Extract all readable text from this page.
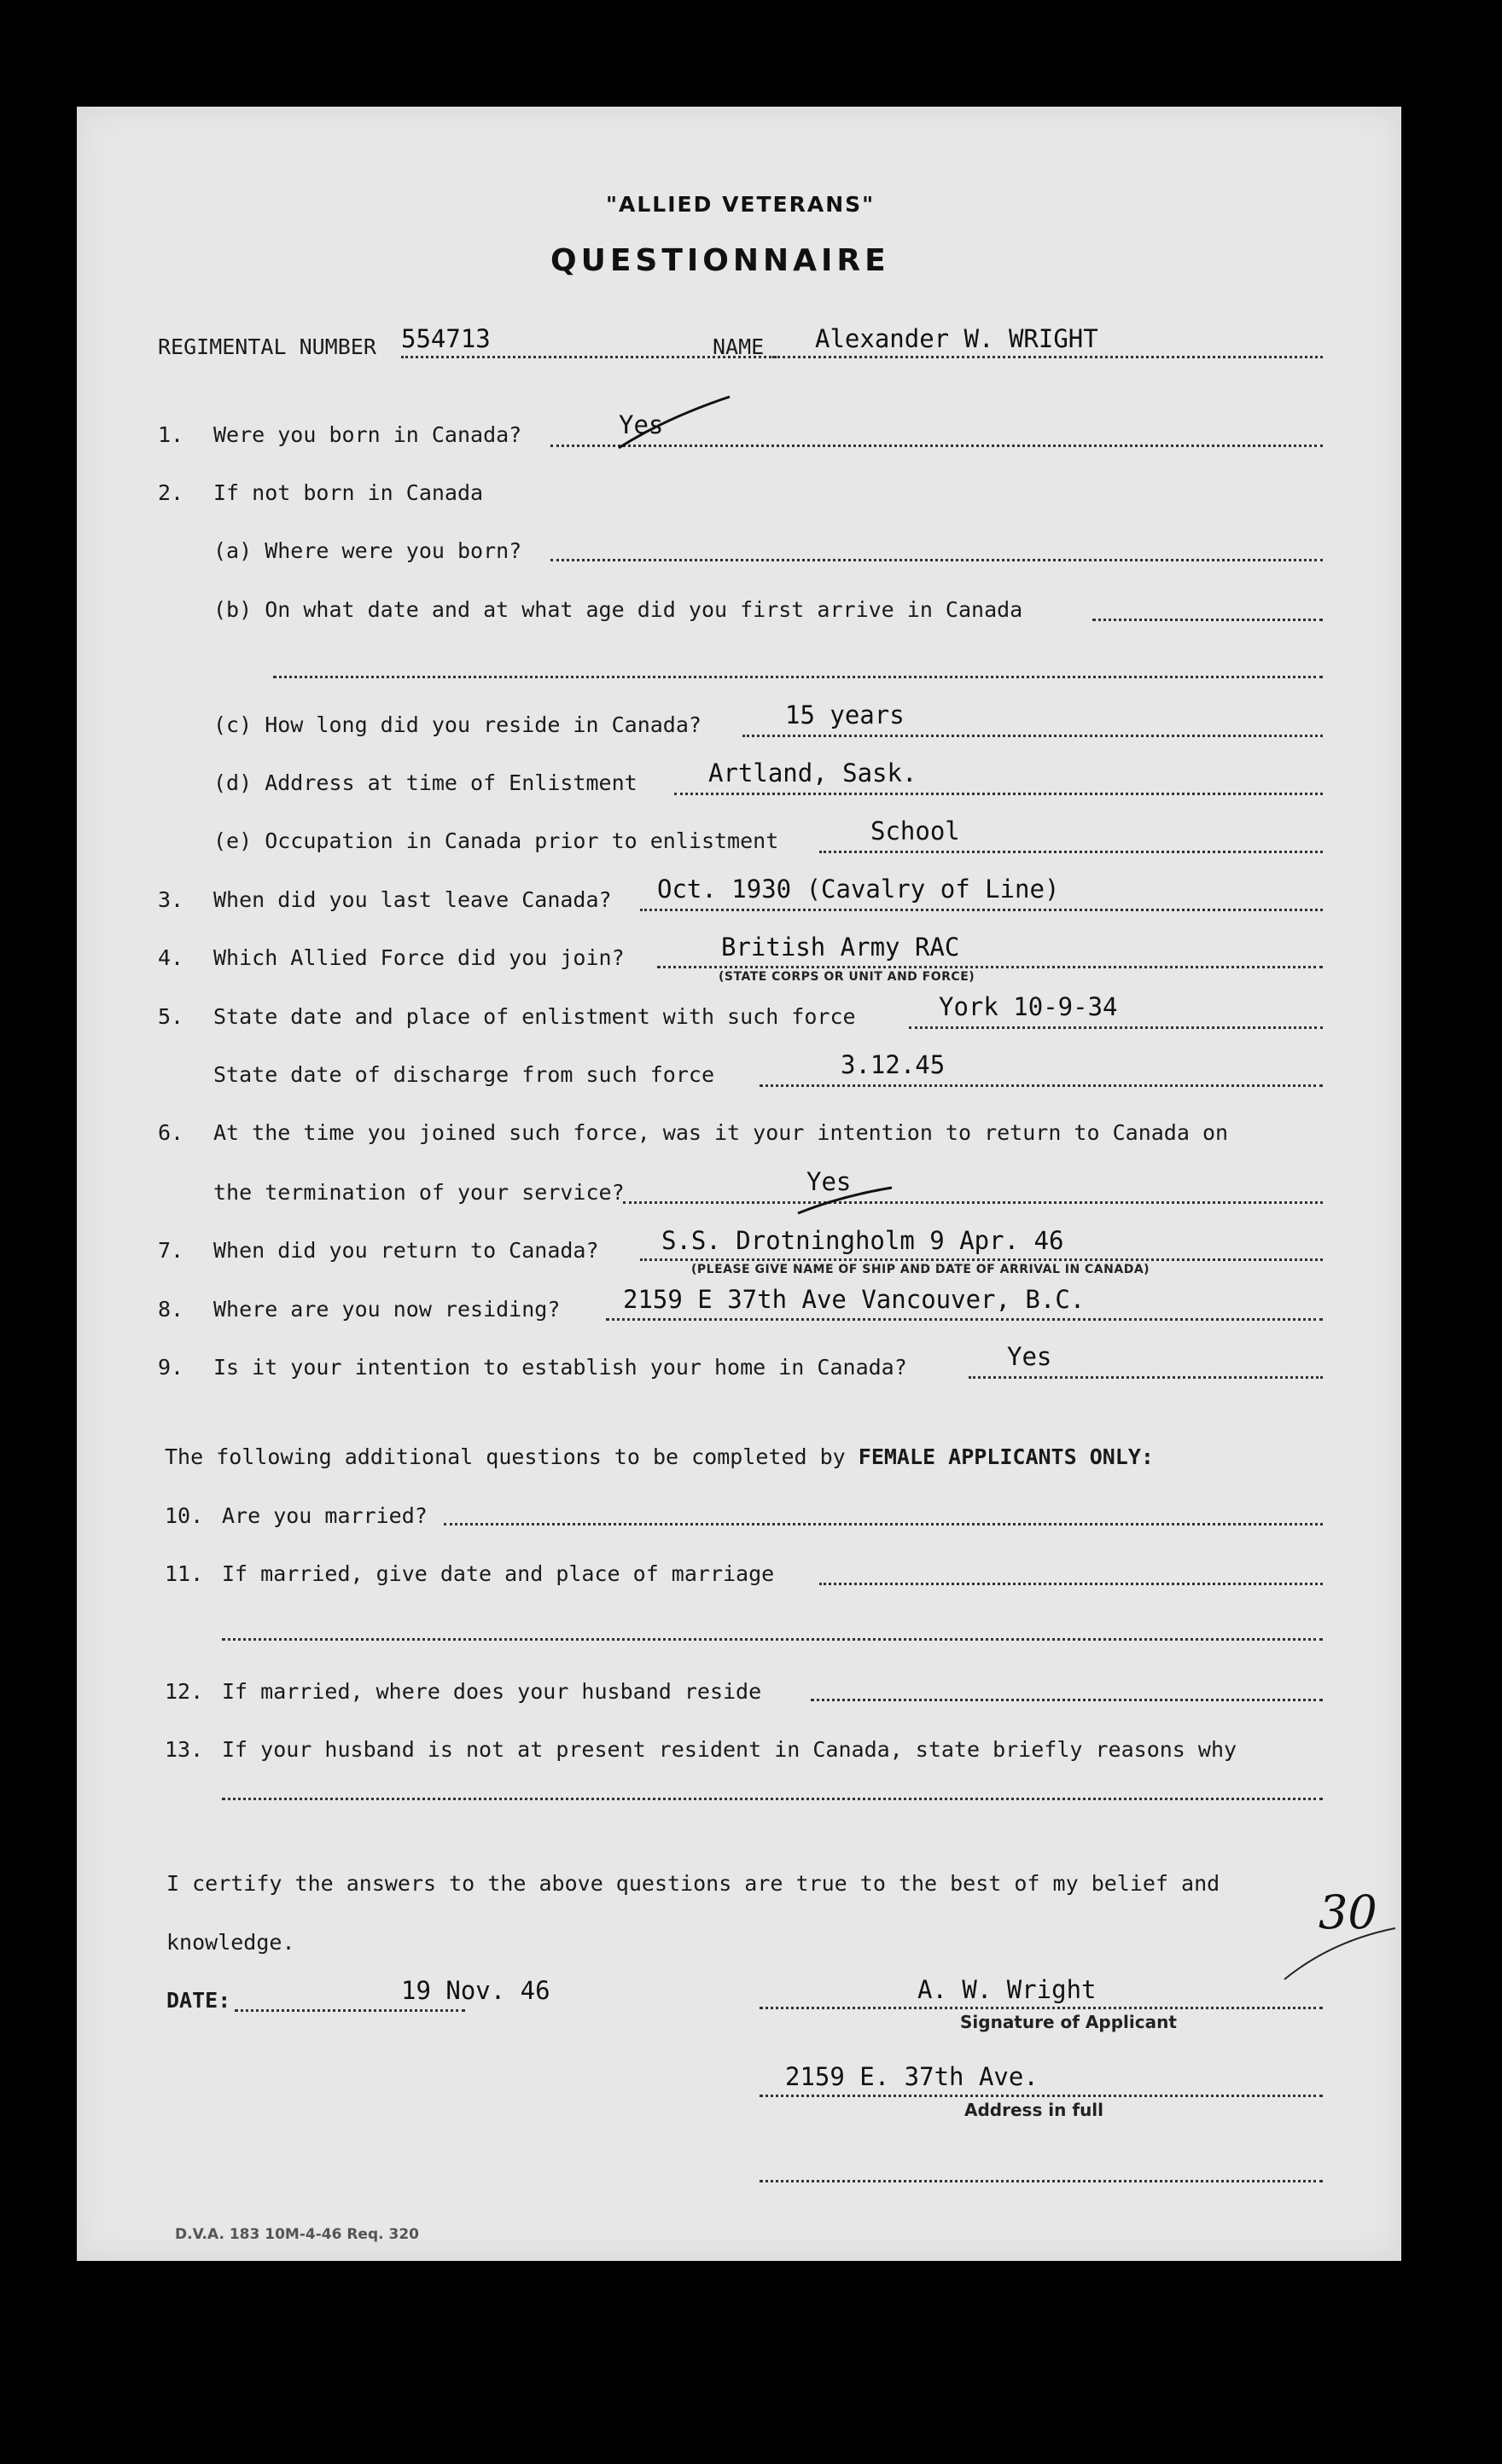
"ALLIED VETERANS"
QUESTIONNAIRE
REGIMENTAL NUMBER 554713	NAME Alexander W. WRIGHT
1. Were you born in Canada?	Yes
2. If not born in Canada
(a) Where were you born?
(b) On what date and at what age did you first arrive in Canada
(c) How long did you reside in Canada?	15 years
(d) Address at time of Enlistment	Artland, Sask.
(e) Occupation in Canada prior to enlistment	School
3. When did you last leave Canada? Oct. 1930 (Cavalry of Line)
4. Which Allied Force did you join?	British Army RAC
(STATE CORPS OR UNIT AND FORCE)
5. State date and place of enlistment with such force	York 10-9-34
State date of discharge from such force	3.12.45
6. At the time you joined such force, was it your intention to return to Canada on
the termination of your service?	Yes
7. When did you return to Canada?	S.S. Drotningholm 9 Apr. 46
(PLEASE GIVE NAME OF SHIP AND DATE OF ARRIVAL IN CANADA)
8. Where are you now residing?	2159 E 37th Ave Vancouver, B.C.
9. Is it your intention to establish your home in Canada?	Yes
The following additional questions to be completed by FEMALE APPLICANTS ONLY:
10. Are you married?
11. If married, give date and place of marriage
12. If married, where does your husband reside
13. If your husband is not at present resident in Canada, state briefly reasons why
I certify the answers to the above questions are true to the best of my belief and
knowledge.
30
DATE:	19 Nov. 46	A. W. Wright
Signature of Applicant
2159 E. 37th Ave.
Address in full
D.V.A. 183 10M-4-46 Req. 320
